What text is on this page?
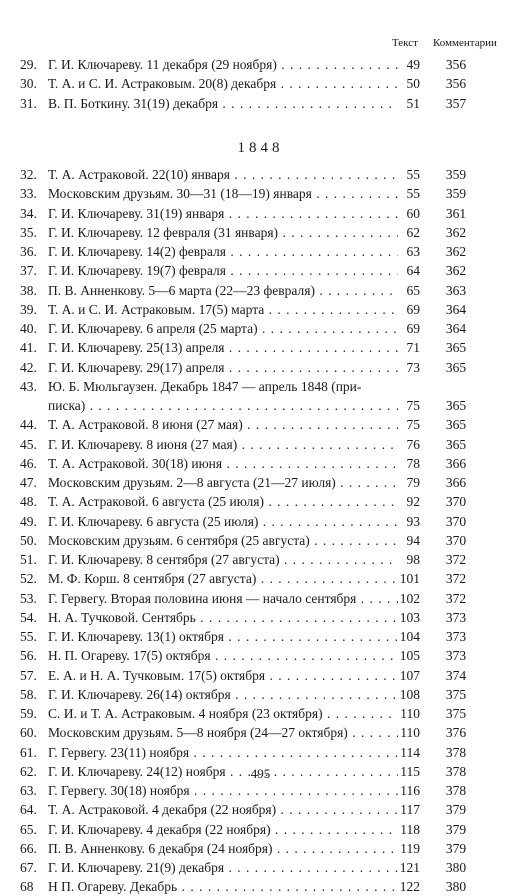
Текст Комментарии
29. Г. И. Ключареву. 11 декабря (29 ноября) . . .	49 356
30. Т. А. и С. И. Астраковым. 20(8) декабря . . .	50 356
31. В. П. Боткину. 31(19) декабря . . .	51 357
1848
32. Т. А. Астраковой. 22(10) января . . .	55 359
33. Московским друзьям. 30—31 (18—19) января . . .	55 359
34. Г. И. Ключареву. 31(19) января . . .	60 361
35. Г. И. Ключареву. 12 февраля (31 января) . . .	62 362
36. Г. И. Ключареву. 14(2) февраля . . .	63 362
37. Г. И. Ключареву. 19(7) февраля . . .	64 362
38. П. В. Анненкову. 5—6 марта (22—23 февраля) . . .	65 363
39. Т. А. и С. И. Астраковым. 17(5) марта . . .	69 364
40. Г. И. Ключареву. 6 апреля (25 марта) . . .	69 364
41. Г. И. Ключареву. 25(13) апреля . . .	71 365
42. Г. И. Ключареву. 29(17) апреля . . .	73 365
43. Ю. Б. Мюльгаузен. Декабрь 1847 — апрель 1848 (при-
писка) . . .	75 365
44. Т. А. Астраковой. 8 июня (27 мая) . . .	75 365
45. Г. И. Ключареву. 8 июня (27 мая) . . .	76 365
46. Т. А. Астраковой. 30(18) июня . . .	78 366
47. Московским друзьям. 2—8 августа (21—27 июля) . . .	79 366
48. Т. А. Астраковой. 6 августа (25 июля) . . .	92 370
49. Г. И. Ключареву. 6 августа (25 июля) . . .	93 370
50. Московским друзьям. 6 сентября (25 августа) . . .	94 370
51. Г. И. Ключареву. 8 сентября (27 августа) . . .	98 372
52. М. Ф. Корш. 8 сентября (27 августа) . . .	101 372
53. Г. Гервегу. Вторая половина июня — начало сентября . . .	102 372
54. Н. А. Тучковой. Сентябрь . . .	103 373
55. Г. И. Ключареву. 13(1) октября . . .	104 373
56. Н. П. Огареву. 17(5) октября . . .	105 373
57. Е. А. и Н. А. Тучковым. 17(5) октября . . .	107 374
58. Г. И. Ключареву. 26(14) октября . . .	108 375
59. С. И. и Т. А. Астраковым. 4 ноября (23 октября) . . .	110 375
60. Московским друзьям. 5—8 ноября (24—27 октября) . . .	110 376
61. Г. Гервегу. 23(11) ноября . . .	114 378
62. Г. И. Ключареву. 24(12) ноября . . .	115 378
63. Г. Гервегу. 30(18) ноября . . .	116 378
64. Т. А. Астраковой. 4 декабря (22 ноября) . . .	117 379
65. Г. И. Ключареву. 4 декабря (22 ноября) . . .	118 379
66. П. В. Анненкову. 6 декабря (24 ноября) . . .	119 379
67. Г. И. Ключареву. 21(9) декабря . . .	121 380
68	Н П. Огареву. Декабрь . . .	122 380
495
